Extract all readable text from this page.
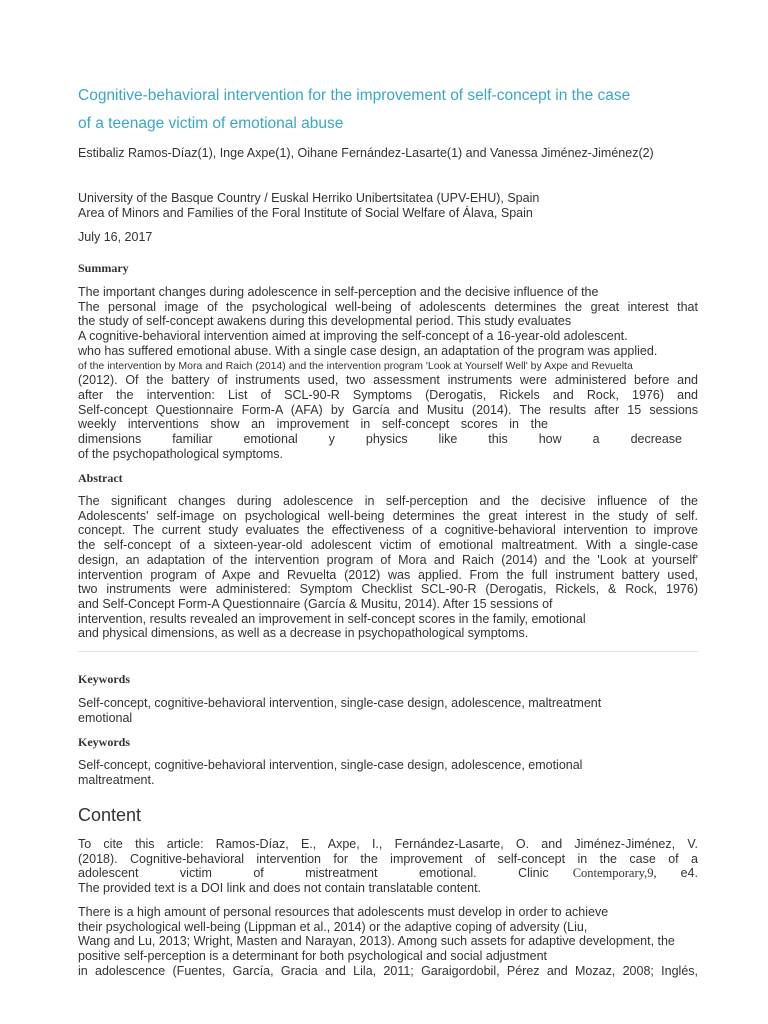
Cognitive-behavioral intervention for the improvement of self-concept in the case
of a teenage victim of emotional abuse
Estibaliz Ramos-Díaz(1), Inge Axpe(1), Oihane Fernández-Lasarte(1) and Vanessa Jiménez-Jiménez(2)
University of the Basque Country / Euskal Herriko Unibertsitatea (UPV-EHU), Spain
Area of Minors and Families of the Foral Institute of Social Welfare of Álava, Spain
July 16, 2017
Summary
The important changes during adolescence in self-perception and the decisive influence of the
The personal image of the psychological well-being of adolescents determines the great interest that
the study of self-concept awakens during this developmental period. This study evaluates
A cognitive-behavioral intervention aimed at improving the self-concept of a 16-year-old adolescent.
who has suffered emotional abuse. With a single case design, an adaptation of the program was applied.
of the intervention by Mora and Raich (2014) and the intervention program 'Look at Yourself Well' by Axpe and Revuelta
(2012). Of the battery of instruments used, two assessment instruments were administered before and
after the intervention: List of SCL-90-R Symptoms (Derogatis, Rickels and Rock, 1976) and
Self-concept Questionnaire Form-A (AFA) by García and Musitu (2014). The results after 15 sessions
weekly interventions show an improvement in self-concept scores in the
dimensions familiar emotional y physics like this how a decrease
of the psychopathological symptoms.
Abstract
The significant changes during adolescence in self-perception and the decisive influence of the
Adolescents' self-image on psychological well-being determines the great interest in the study of self.
concept. The current study evaluates the effectiveness of a cognitive-behavioral intervention to improve
the self-concept of a sixteen-year-old adolescent victim of emotional maltreatment. With a single-case
design, an adaptation of the intervention program of Mora and Raich (2014) and the 'Look at yourself'
intervention program of Axpe and Revuelta (2012) was applied. From the full instrument battery used,
two instruments were administered: Symptom Checklist SCL-90-R (Derogatis, Rickels, & Rock, 1976)
and Self-Concept Form-A Questionnaire (García & Musitu, 2014). After 15 sessions of
intervention, results revealed an improvement in self-concept scores in the family, emotional
and physical dimensions, as well as a decrease in psychopathological symptoms.
Keywords
Self-concept, cognitive-behavioral intervention, single-case design, adolescence, maltreatment
emotional
Keywords
Self-concept, cognitive-behavioral intervention, single-case design, adolescence, emotional
maltreatment.
Content
To cite this article: Ramos-Díaz, E., Axpe, I., Fernández-Lasarte, O. and Jiménez-Jiménez, V.
(2018). Cognitive-behavioral intervention for the improvement of self-concept in the case of a
adolescent victim of mistreatment emotional. Clinic Contemporary,9, e4.
The provided text is a DOI link and does not contain translatable content.
There is a high amount of personal resources that adolescents must develop in order to achieve
their psychological well-being (Lippman et al., 2014) or the adaptive coping of adversity (Liu,
Wang and Lu, 2013; Wright, Masten and Narayan, 2013). Among such assets for adaptive development, the
positive self-perception is a determinant for both psychological and social adjustment
in adolescence (Fuentes, García, Gracia and Lila, 2011; Garaigordobil, Pérez and Mozaz, 2008; Inglés,
